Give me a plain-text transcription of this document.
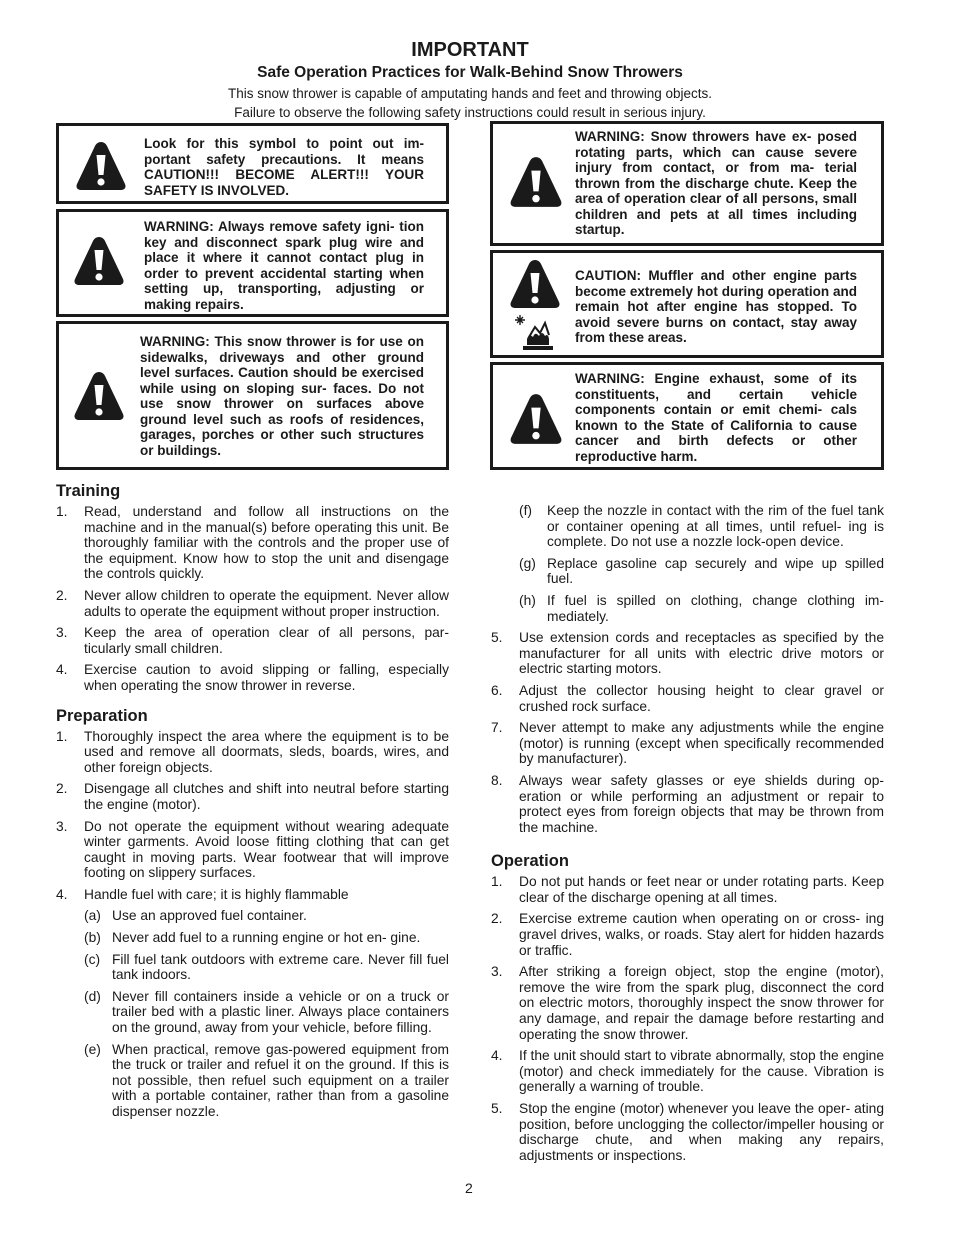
IMPORTANT
Safe Operation Practices for Walk-Behind Snow Throwers
This snow thrower is capable of amputating hands and feet and throwing objects.
Failure to observe the following safety instructions could result in serious injury.
Look for this symbol to point out im- portant safety precautions. It means CAUTION!!! BECOME ALERT!!! YOUR SAFETY IS INVOLVED.
WARNING: Always remove safety igni- tion key and disconnect spark plug wire and place it where it cannot contact plug in order to prevent accidental starting when setting up, transporting, adjusting or making repairs.
WARNING: This snow thrower is for use on sidewalks, driveways and other ground level surfaces. Caution should be exercised while using on sloping sur- faces. Do not use snow thrower on surfaces above ground level such as roofs of residences, garages, porches or other such structures or buildings.
WARNING: Snow throwers have ex- posed rotating parts, which can cause severe injury from contact, or from ma- terial thrown from the discharge chute. Keep the area of operation clear of all persons, small children and pets at all times including startup.
CAUTION: Muffler and other engine parts become extremely hot during operation and remain hot after engine has stopped. To avoid severe burns on contact, stay away from these areas.
WARNING: Engine exhaust, some of its constituents, and certain vehicle components contain or emit chemi- cals known to the State of California to cause cancer and birth defects or other reproductive harm.
Training
1. Read, understand and follow all instructions on the machine and in the manual(s) before operating this unit. Be thoroughly familiar with the controls and the proper use of the equipment. Know how to stop the unit and disengage the controls quickly.
2. Never allow children to operate the equipment. Never allow adults to operate the equipment without proper instruction.
3. Keep the area of operation clear of all persons, par- ticularly small children.
4. Exercise caution to avoid slipping or falling, especially when operating the snow thrower in reverse.
Preparation
1. Thoroughly inspect the area where the equipment is to be used and remove all doormats, sleds, boards, wires, and other foreign objects.
2. Disengage all clutches and shift into neutral before starting the engine (motor).
3. Do not operate the equipment without wearing adequate winter garments. Avoid loose fitting clothing that can get caught in moving parts. Wear footwear that will improve footing on slippery surfaces.
4. Handle fuel with care; it is highly flammable
(a) Use an approved fuel container.
(b) Never add fuel to a running engine or hot en- gine.
(c) Fill fuel tank outdoors with extreme care. Never fill fuel tank indoors.
(d) Never fill containers inside a vehicle or on a truck or trailer bed with a plastic liner. Always place containers on the ground, away from your vehicle, before filling.
(e) When practical, remove gas-powered equipment from the truck or trailer and refuel it on the ground. If this is not possible, then refuel such equipment on a trailer with a portable container, rather than from a gasoline dispenser nozzle.
(f) Keep the nozzle in contact with the rim of the fuel tank or container opening at all times, until refuel- ing is complete. Do not use a nozzle lock-open device.
(g) Replace gasoline cap securely and wipe up spilled fuel.
(h) If fuel is spilled on clothing, change clothing im- mediately.
5. Use extension cords and receptacles as specified by the manufacturer for all units with electric drive motors or electric starting motors.
6. Adjust the collector housing height to clear gravel or crushed rock surface.
7. Never attempt to make any adjustments while the engine (motor) is running (except when specifically recommended by manufacturer).
8. Always wear safety glasses or eye shields during op- eration or while performing an adjustment or repair to protect eyes from foreign objects that may be thrown from the machine.
Operation
1. Do not put hands or feet near or under rotating parts. Keep clear of the discharge opening at all times.
2. Exercise extreme caution when operating on or cross- ing gravel drives, walks, or roads. Stay alert for hidden hazards or traffic.
3. After striking a foreign object, stop the engine (motor), remove the wire from the spark plug, disconnect the cord on electric motors, thoroughly inspect the snow thrower for any damage, and repair the damage before restarting and operating the snow thrower.
4. If the unit should start to vibrate abnormally, stop the engine (motor) and check immediately for the cause. Vibration is generally a warning of trouble.
5. Stop the engine (motor) whenever you leave the oper- ating position, before unclogging the collector/impeller housing or discharge chute, and when making any repairs, adjustments or inspections.
2
